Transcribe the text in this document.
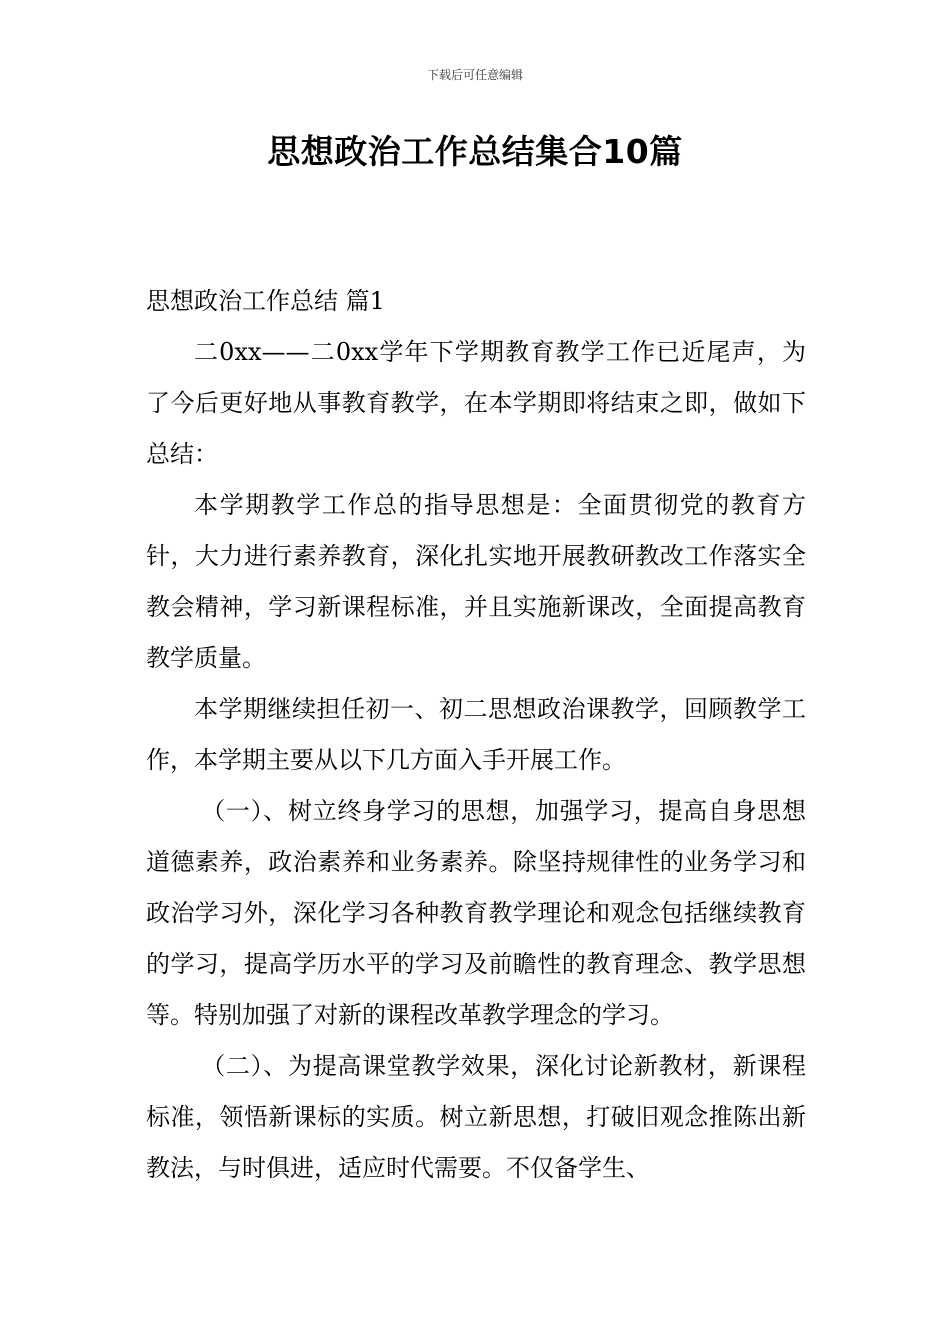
下载后可任意编辑
思想政治工作总结集合10篇
思想政治工作总结 篇1

二0xx——二0xx学年下学期教育教学工作已近尾声，为了今后更好地从事教育教学，在本学期即将结束之即，做如下总结：

本学期教学工作总的指导思想是：全面贯彻党的教育方针，大力进行素养教育，深化扎实地开展教研教改工作落实全教会精神，学习新课程标准，并且实施新课改，全面提高教育教学质量。

本学期继续担任初一、初二思想政治课教学，回顾教学工作，本学期主要从以下几方面入手开展工作。

（一）、树立终身学习的思想，加强学习，提高自身思想道德素养，政治素养和业务素养。除坚持规律性的业务学习和政治学习外，深化学习各种教育教学理论和观念包括继续教育的学习，提高学历水平的学习及前瞻性的教育理念、教学思想等。特别加强了对新的课程改革教学理念的学习。

（二）、为提高课堂教学效果，深化讨论新教材，新课程标准，领悟新课标的实质。树立新思想，打破旧观念推陈出新教法，与时俱进，适应时代需要。不仅备学生、
